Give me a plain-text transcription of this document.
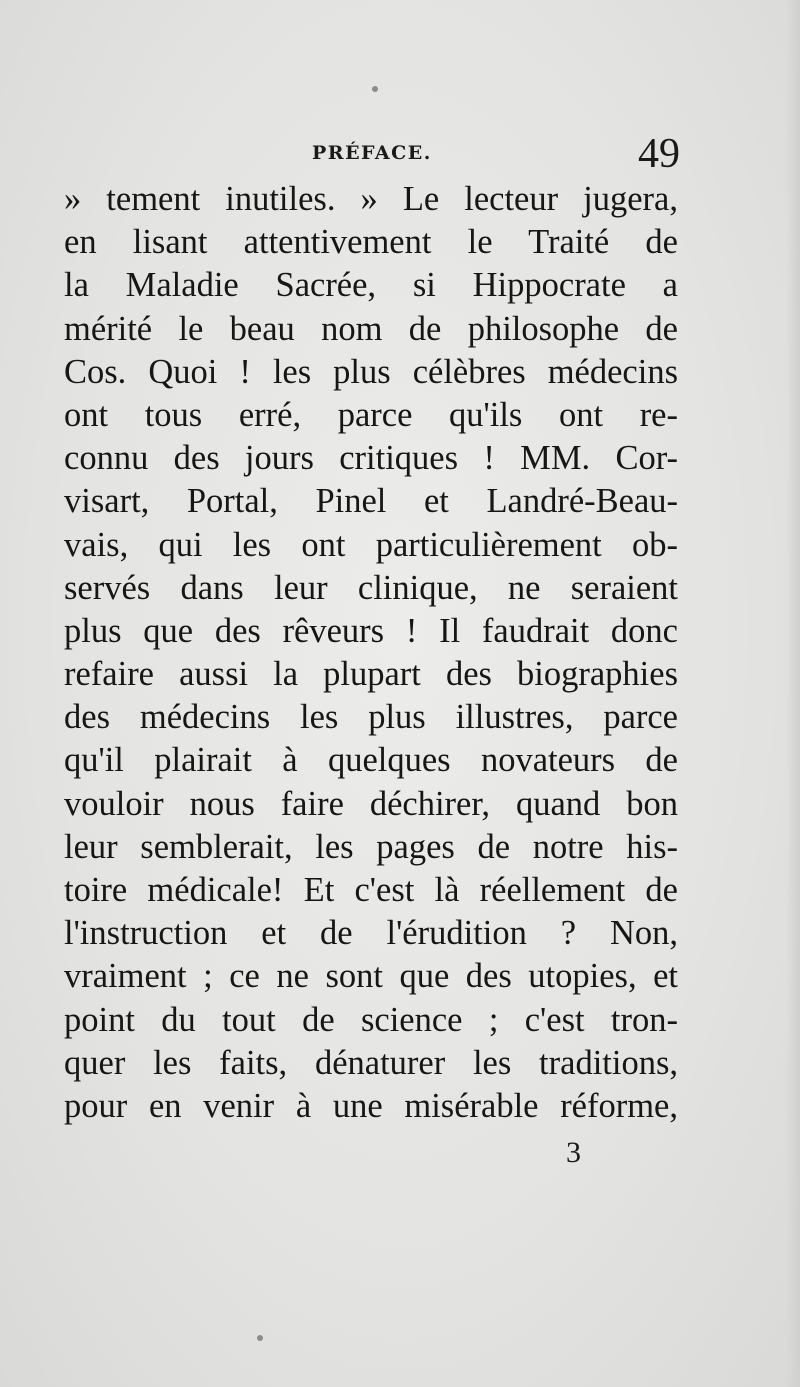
PRÉFACE.	49
» tement inutiles. » Le lecteur jugera,
en lisant attentivement le Traité de
la Maladie Sacrée, si Hippocrate a
mérité le beau nom de philosophe de
Cos. Quoi ! les plus célèbres médecins
ont tous erré, parce qu'ils ont re-
connu des jours critiques ! MM. Cor-
visart, Portal, Pinel et Landré-Beau-
vais, qui les ont particulièrement ob-
servés dans leur clinique, ne seraient
plus que des rêveurs ! Il faudrait donc
refaire aussi la plupart des biographies
des médecins les plus illustres, parce
qu'il plairait à quelques novateurs de
vouloir nous faire déchirer, quand bon
leur semblerait, les pages de notre his-
toire médicale! Et c'est là réellement de
l'instruction et de l'érudition ? Non,
vraiment ; ce ne sont que des utopies, et
point du tout de science ; c'est tron-
quer les faits, dénaturer les traditions,
pour en venir à une misérable réforme,
3
